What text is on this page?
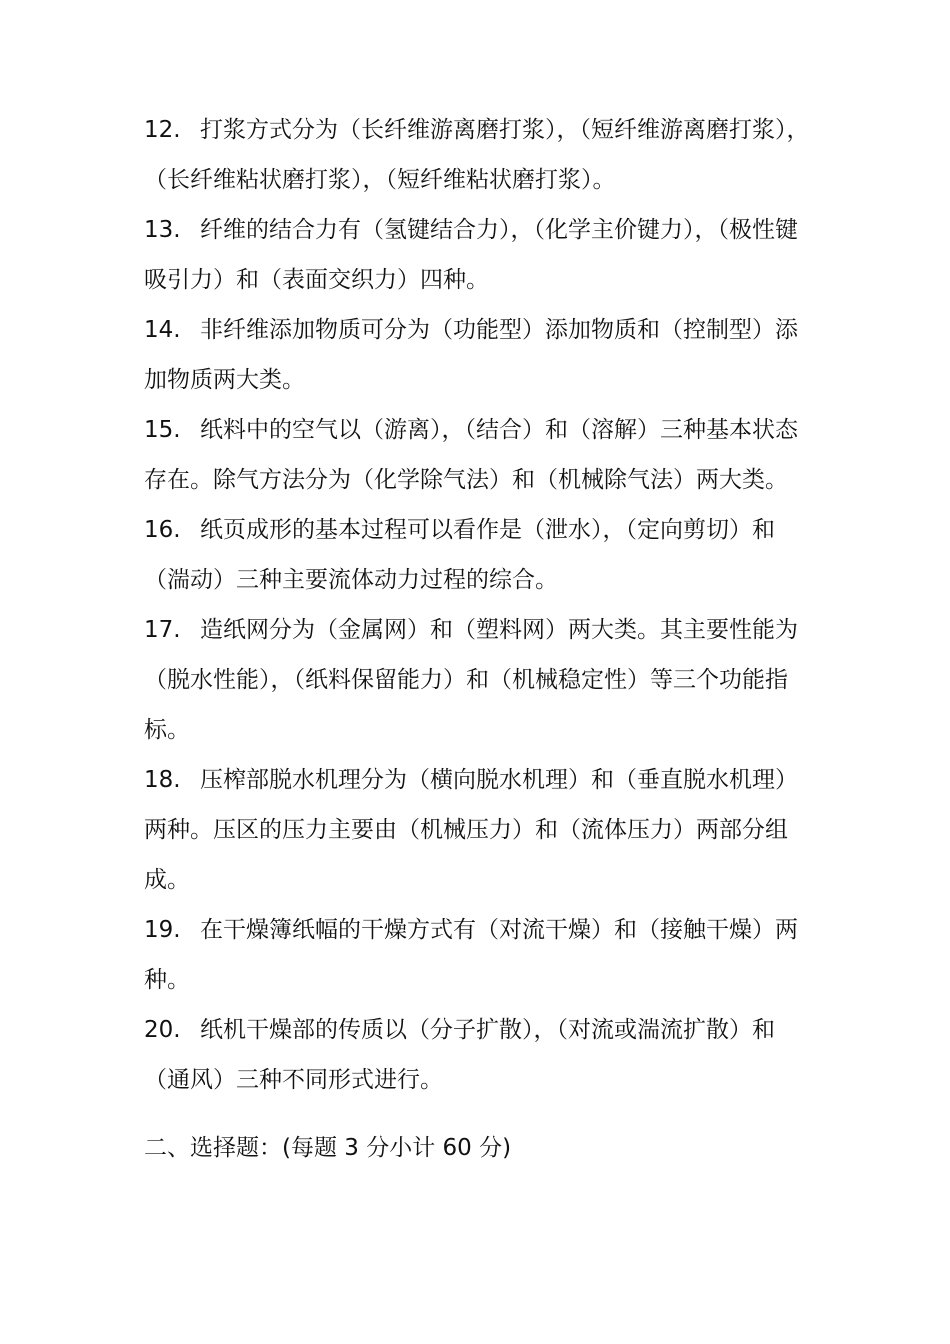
12. 打浆方式分为（长纤维游离磨打浆），（短纤维游离磨打浆），（长纤维粘状磨打浆），（短纤维粘状磨打浆）。

13. 纤维的结合力有（氢键结合力），（化学主价键力），（极性键吸引力）和（表面交织力）四种。

14. 非纤维添加物质可分为（功能型）添加物质和（控制型）添加物质两大类。

15. 纸料中的空气以（游离），（结合）和（溶解）三种基本状态存在。除气方法分为（化学除气法）和（机械除气法）两大类。

16. 纸页成形的基本过程可以看作是（泄水），（定向剪切）和（湍动）三种主要流体动力过程的综合。

17. 造纸网分为（金属网）和（塑料网）两大类。其主要性能为（脱水性能），（纸料保留能力）和（机械稳定性）等三个功能指标。

18. 压榨部脱水机理分为（横向脱水机理）和（垂直脱水机理）两种。压区的压力主要由（机械压力）和（流体压力）两部分组成。

19. 在干燥簿纸幅的干燥方式有（对流干燥）和（接触干燥）两种。

20. 纸机干燥部的传质以（分子扩散），（对流或湍流扩散）和（通风）三种不同形式进行。

二、选择题：(每题 3 分小计 60 分)
